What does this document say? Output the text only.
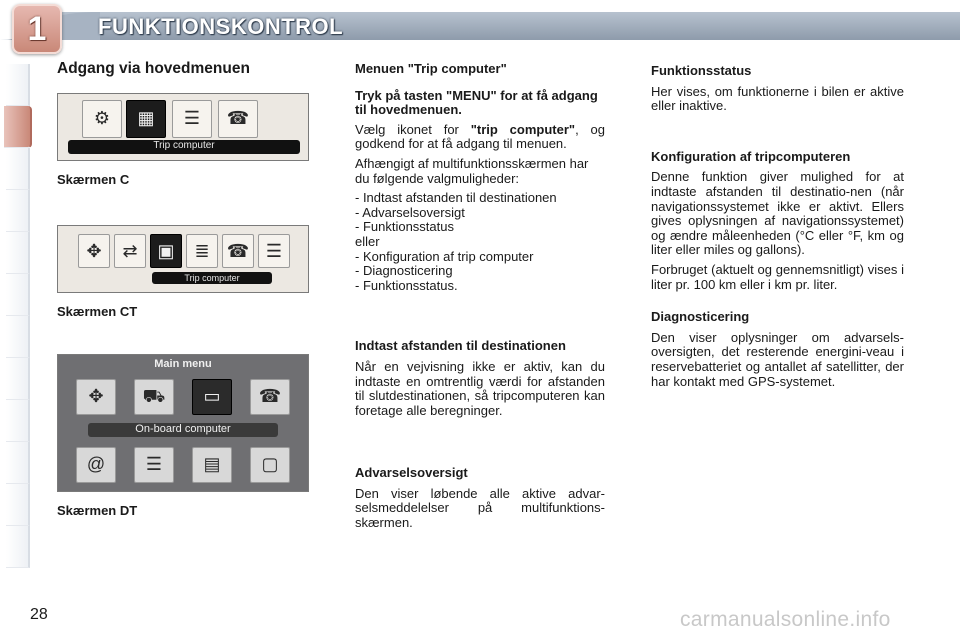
1 FUNKTIONSKONTROL
Adgang via hovedmenuen
⚙	▦	☰	☎
Trip computer
Skærmen C
✥	⇄	▣	≣ ☎ ☰
Trip computer
Skærmen CT
Main menu
✥	⛟	▭	☎
On-board computer
@	☰	▤	▢
Skærmen DT
Menuen "Trip computer"

Tryk på tasten "MENU" for at få adgang til hovedmenuen.

Vælg ikonet for "trip computer", og godkend for at få adgang til menuen.

Afhængigt af multifunktionsskærmen har du følgende valgmuligheder:

- Indtast afstanden til destinationen
- Advarselsoversigt
- Funktionsstatus
eller
- Konfiguration af trip computer
- Diagnosticering
- Funktionsstatus.
Indtast afstanden til destinationen

Når en vejvisning ikke er aktiv, kan du indtaste en omtrentlig værdi for afstanden til slutdestinationen, så tripcomputeren kan foretage alle beregninger.

Advarselsoversigt

Den viser løbende alle aktive advar-selsmeddelelser på multifunktions-skærmen.

Funktionsstatus

Her vises, om funktionerne i bilen er aktive eller inaktive.

Konfiguration af tripcomputeren

Denne funktion giver mulighed for at indtaste afstanden til destinatio-nen (når navigationssystemet ikke er aktivt. Ellers gives oplysningen af navigationssystemet) og ændre måleenheden (°C eller °F, km og liter eller miles og gallons).

Forbruget (aktuelt og gennemsnitligt) vises i liter pr. 100 km eller i km pr. liter.

Diagnosticering

Den viser oplysninger om advarsels-oversigten, det resterende energini-veau i reservebatteriet og antallet af satellitter, der har kontakt med GPS-systemet.

28	carmanualsonline.info
